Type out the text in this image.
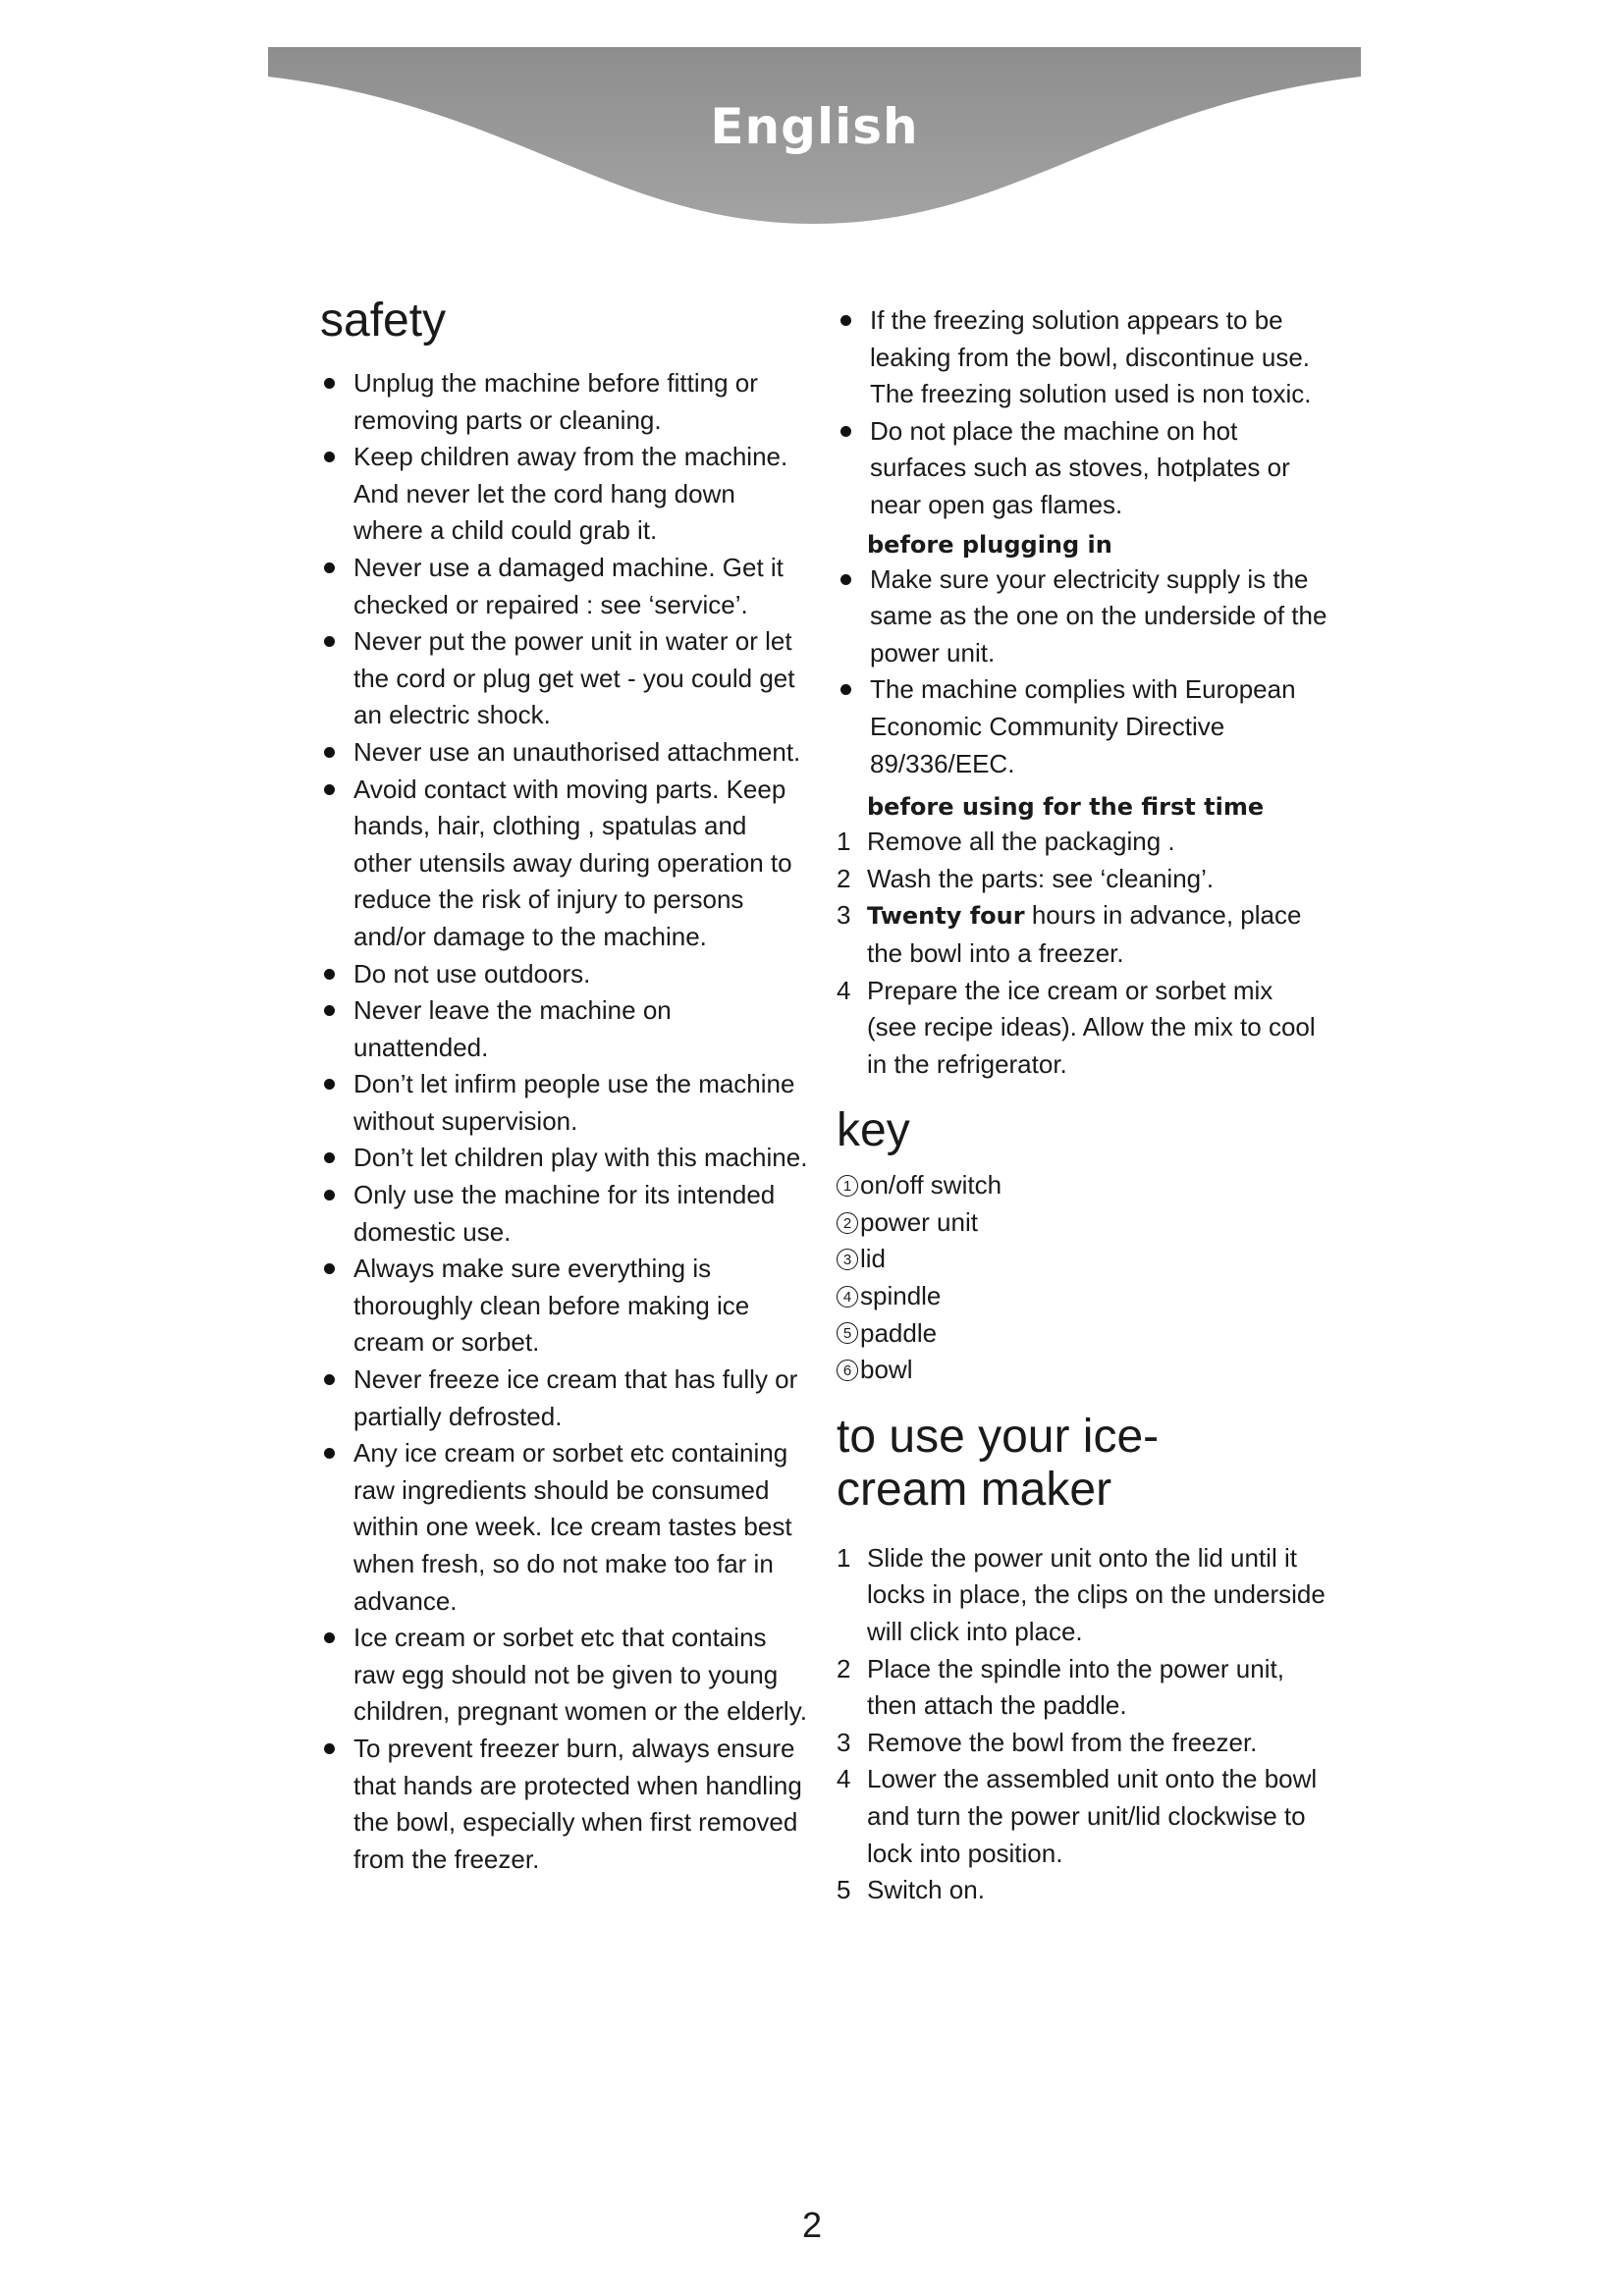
English
safety
Unplug the machine before fitting or removing parts or cleaning.
Keep children away from the machine. And never let the cord hang down where a child could grab it.
Never use a damaged machine. Get it checked or repaired : see ‘service’.
Never put the power unit in water or let the cord or plug get wet - you could get an electric shock.
Never use an unauthorised attachment.
Avoid contact with moving parts. Keep hands, hair, clothing , spatulas and other utensils away during operation to reduce the risk of injury to persons and/or damage to the machine.
Do not use outdoors.
Never leave the machine on unattended.
Don’t let infirm people use the machine without supervision.
Don’t let children play with this machine.
Only use the machine for its intended domestic use.
Always make sure everything is thoroughly clean before making ice cream or sorbet.
Never freeze ice cream that has fully or partially defrosted.
Any ice cream or sorbet etc containing raw ingredients should be consumed within one week. Ice cream tastes best when fresh, so do not make too far in advance.
Ice cream or sorbet etc that contains raw egg should not be given to young children, pregnant women or the elderly.
To prevent freezer burn, always ensure that hands are protected when handling the bowl, especially when first removed from the freezer.
If the freezing solution appears to be leaking from the bowl, discontinue use. The freezing solution used is non toxic.
Do not place the machine on hot surfaces such as stoves, hotplates or near open gas flames.
before plugging in
Make sure your electricity supply is the same as the one on the underside of the power unit.
The machine complies with European Economic Community Directive 89/336/EEC.
before using for the first time
1 Remove all the packaging .
2 Wash the parts: see ‘cleaning’.
3 Twenty four hours in advance, place the bowl into a freezer.
4 Prepare the ice cream or sorbet mix (see recipe ideas). Allow the mix to cool in the refrigerator.
key
1 on/off switch
2 power unit
3 lid
4 spindle
5 paddle
6 bowl
to use your ice-cream maker
1 Slide the power unit onto the lid until it locks in place, the clips on the underside will click into place.
2 Place the spindle into the power unit, then attach the paddle.
3 Remove the bowl from the freezer.
4 Lower the assembled unit onto the bowl and turn the power unit/lid clockwise to lock into position.
5 Switch on.
2
